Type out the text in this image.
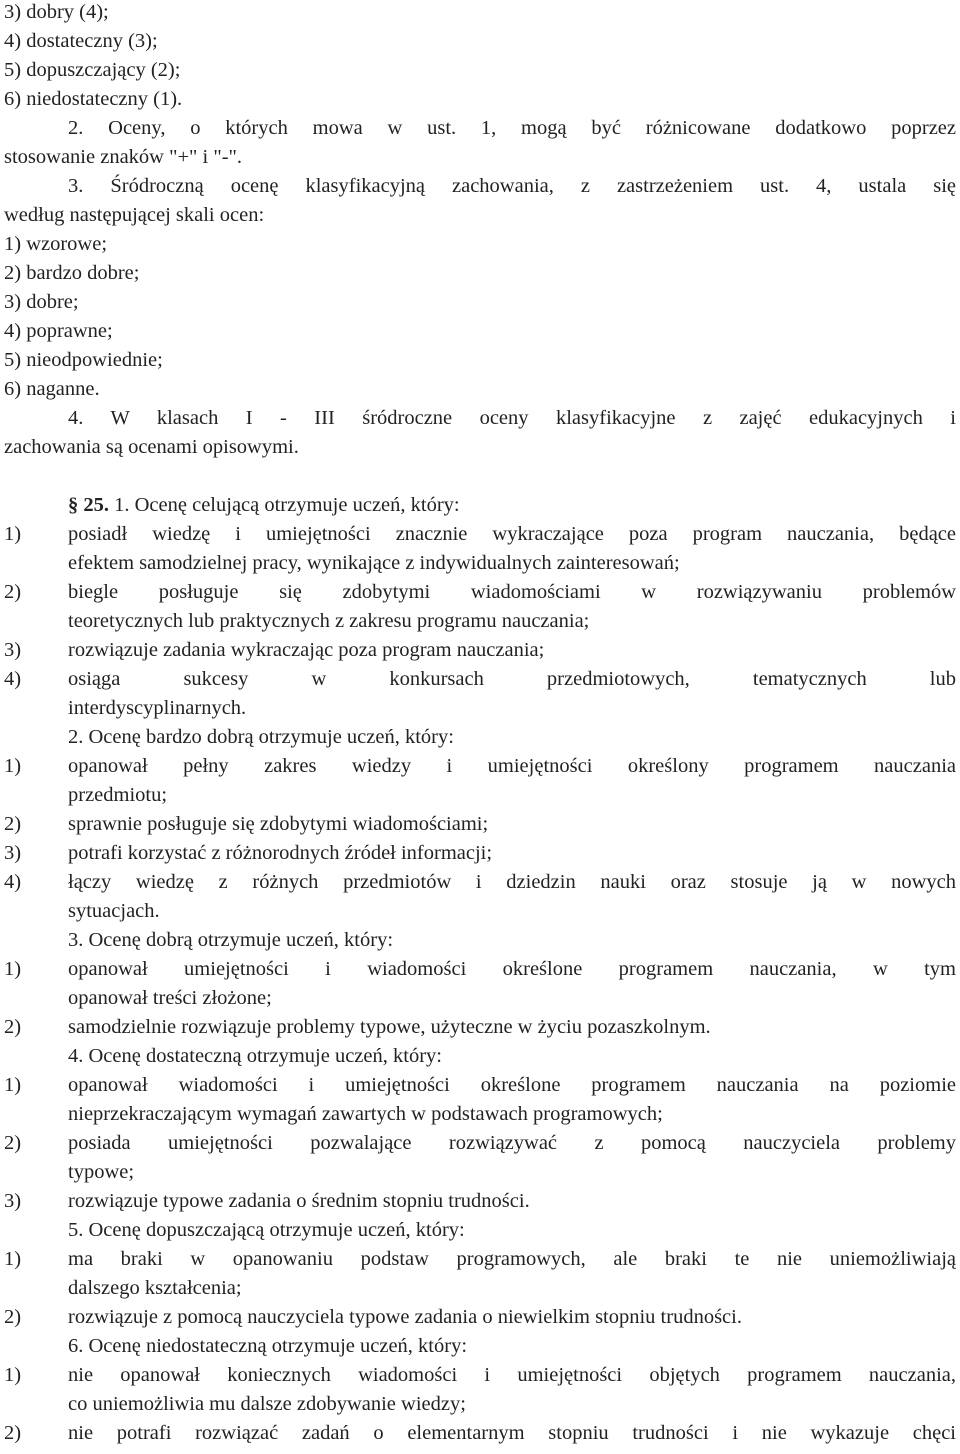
3) dobry (4);
4) dostateczny (3);
5) dopuszczający (2);
6) niedostateczny (1).
2. Oceny, o których mowa w ust. 1, mogą być różnicowane dodatkowo poprzez
stosowanie znaków "+" i "-".
3. Śródroczną ocenę klasyfikacyjną zachowania, z zastrzeżeniem ust. 4, ustala się
według następującej skali ocen:
1) wzorowe;
2) bardzo dobre;
3) dobre;
4) poprawne;
5) nieodpowiednie;
6) naganne.
4. W klasach I - III śródroczne oceny klasyfikacyjne z zajęć edukacyjnych i
zachowania są ocenami opisowymi.
§ 25. 1. Ocenę celującą otrzymuje uczeń, który:
1) posiadł wiedzę i umiejętności znacznie wykraczające poza program nauczania, będące
efektem samodzielnej pracy, wynikające z indywidualnych zainteresowań;
2) biegle posługuje się zdobytymi wiadomościami w rozwiązywaniu problemów
teoretycznych lub praktycznych z zakresu programu nauczania;
3) rozwiązuje zadania wykraczając poza program nauczania;
4) osiąga sukcesy w konkursach przedmiotowych, tematycznych lub
interdyscyplinarnych.
2. Ocenę bardzo dobrą otrzymuje uczeń, który:
1) opanował pełny zakres wiedzy i umiejętności określony programem nauczania
przedmiotu;
2) sprawnie posługuje się zdobytymi wiadomościami;
3) potrafi korzystać z różnorodnych źródeł informacji;
4) łączy wiedzę z różnych przedmiotów i dziedzin nauki oraz stosuje ją w nowych
sytuacjach.
3. Ocenę dobrą otrzymuje uczeń, który:
1) opanował umiejętności i wiadomości określone programem nauczania, w tym
opanował treści złożone;
2) samodzielnie rozwiązuje problemy typowe, użyteczne w życiu pozaszkolnym.
4. Ocenę dostateczną otrzymuje uczeń, który:
1) opanował wiadomości i umiejętności określone programem nauczania na poziomie
nieprzekraczającym wymagań zawartych w podstawach programowych;
2) posiada umiejętności pozwalające rozwiązywać z pomocą nauczyciela problemy
typowe;
3) rozwiązuje typowe zadania o średnim stopniu trudności.
5. Ocenę dopuszczającą otrzymuje uczeń, który:
1) ma braki w opanowaniu podstaw programowych, ale braki te nie uniemożliwiają
dalszego kształcenia;
2) rozwiązuje z pomocą nauczyciela typowe zadania o niewielkim stopniu trudności.
6. Ocenę niedostateczną otrzymuje uczeń, który:
1) nie opanował koniecznych wiadomości i umiejętności objętych programem nauczania,
co uniemożliwia mu dalsze zdobywanie wiedzy;
2) nie potrafi rozwiązać zadań o elementarnym stopniu trudności i nie wykazuje chęci
